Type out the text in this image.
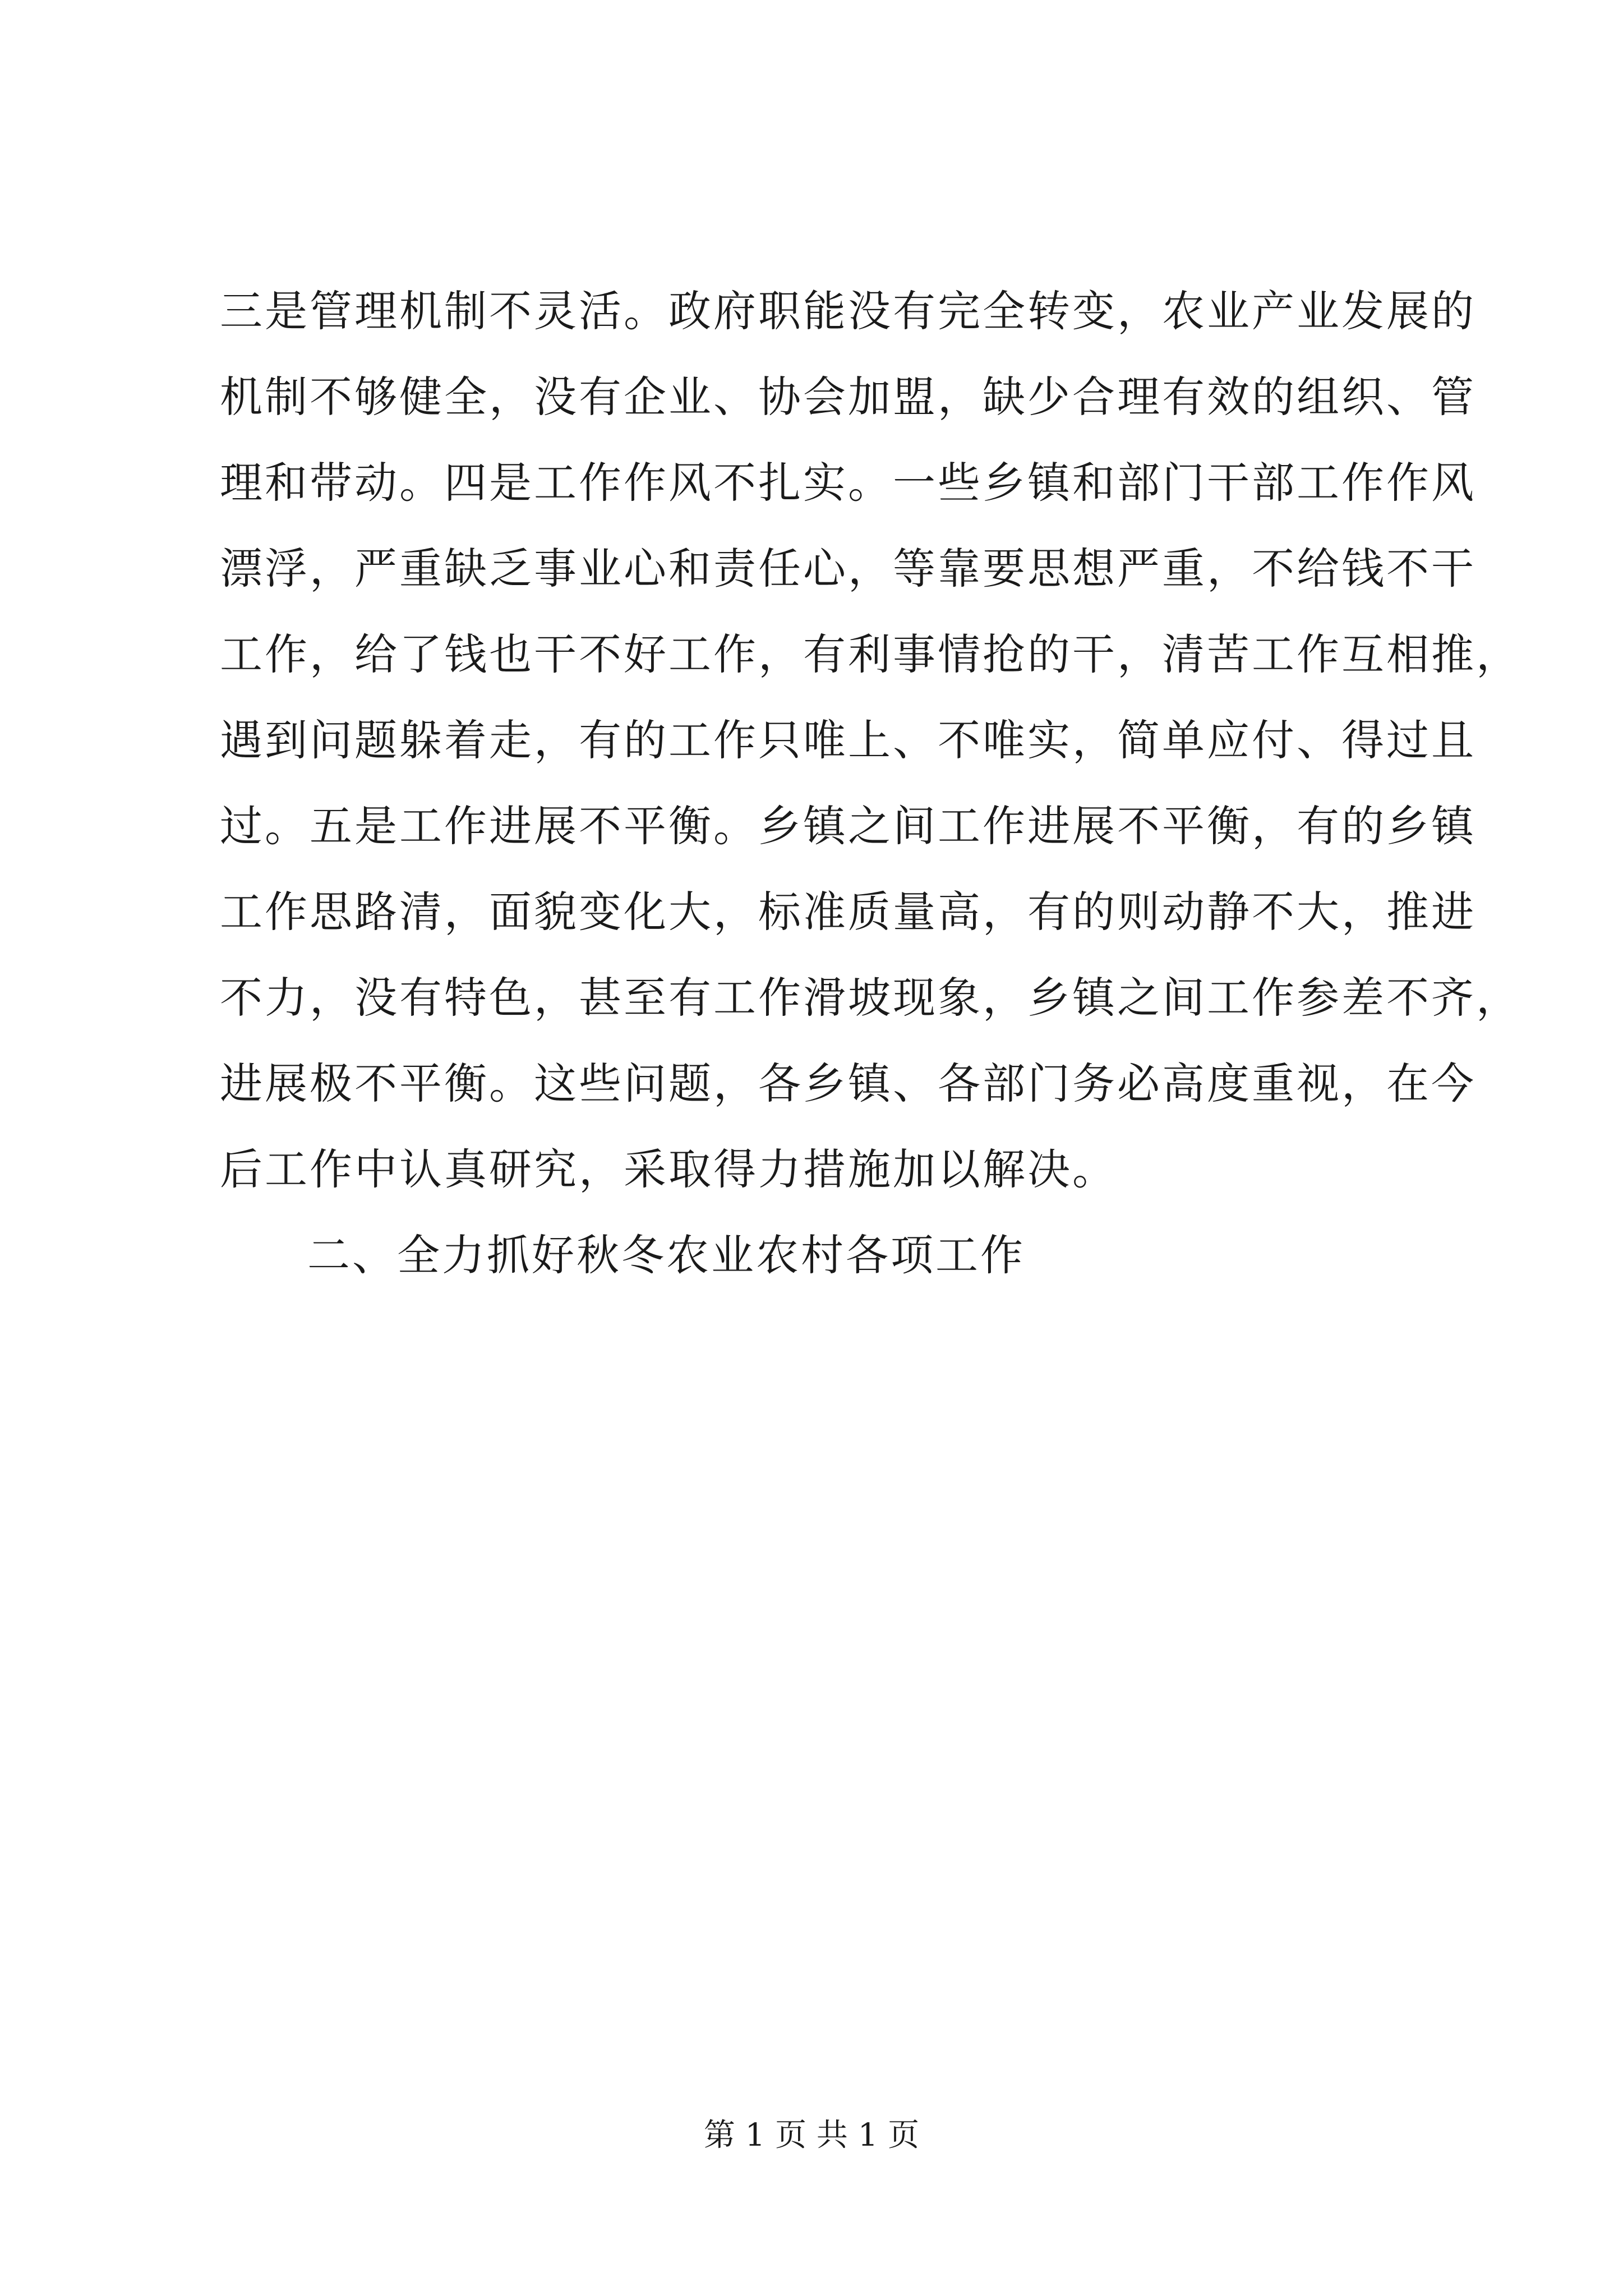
三是管理机制不灵活。政府职能没有完全转变，农业产业发展的
机制不够健全，没有企业、协会加盟，缺少合理有效的组织、管
理和带动。四是工作作风不扎实。一些乡镇和部门干部工作作风
漂浮，严重缺乏事业心和责任心，等靠要思想严重，不给钱不干
工作，给了钱也干不好工作，有利事情抢的干，清苦工作互相推，
遇到问题躲着走，有的工作只唯上、不唯实，简单应付、得过且
过。五是工作进展不平衡。乡镇之间工作进展不平衡，有的乡镇
工作思路清，面貌变化大，标准质量高，有的则动静不大，推进
不力，没有特色，甚至有工作滑坡现象，乡镇之间工作参差不齐，
进展极不平衡。这些问题，各乡镇、各部门务必高度重视，在今
后工作中认真研究，采取得力措施加以解决。
二、全力抓好秋冬农业农村各项工作
第 1 页 共 1 页
